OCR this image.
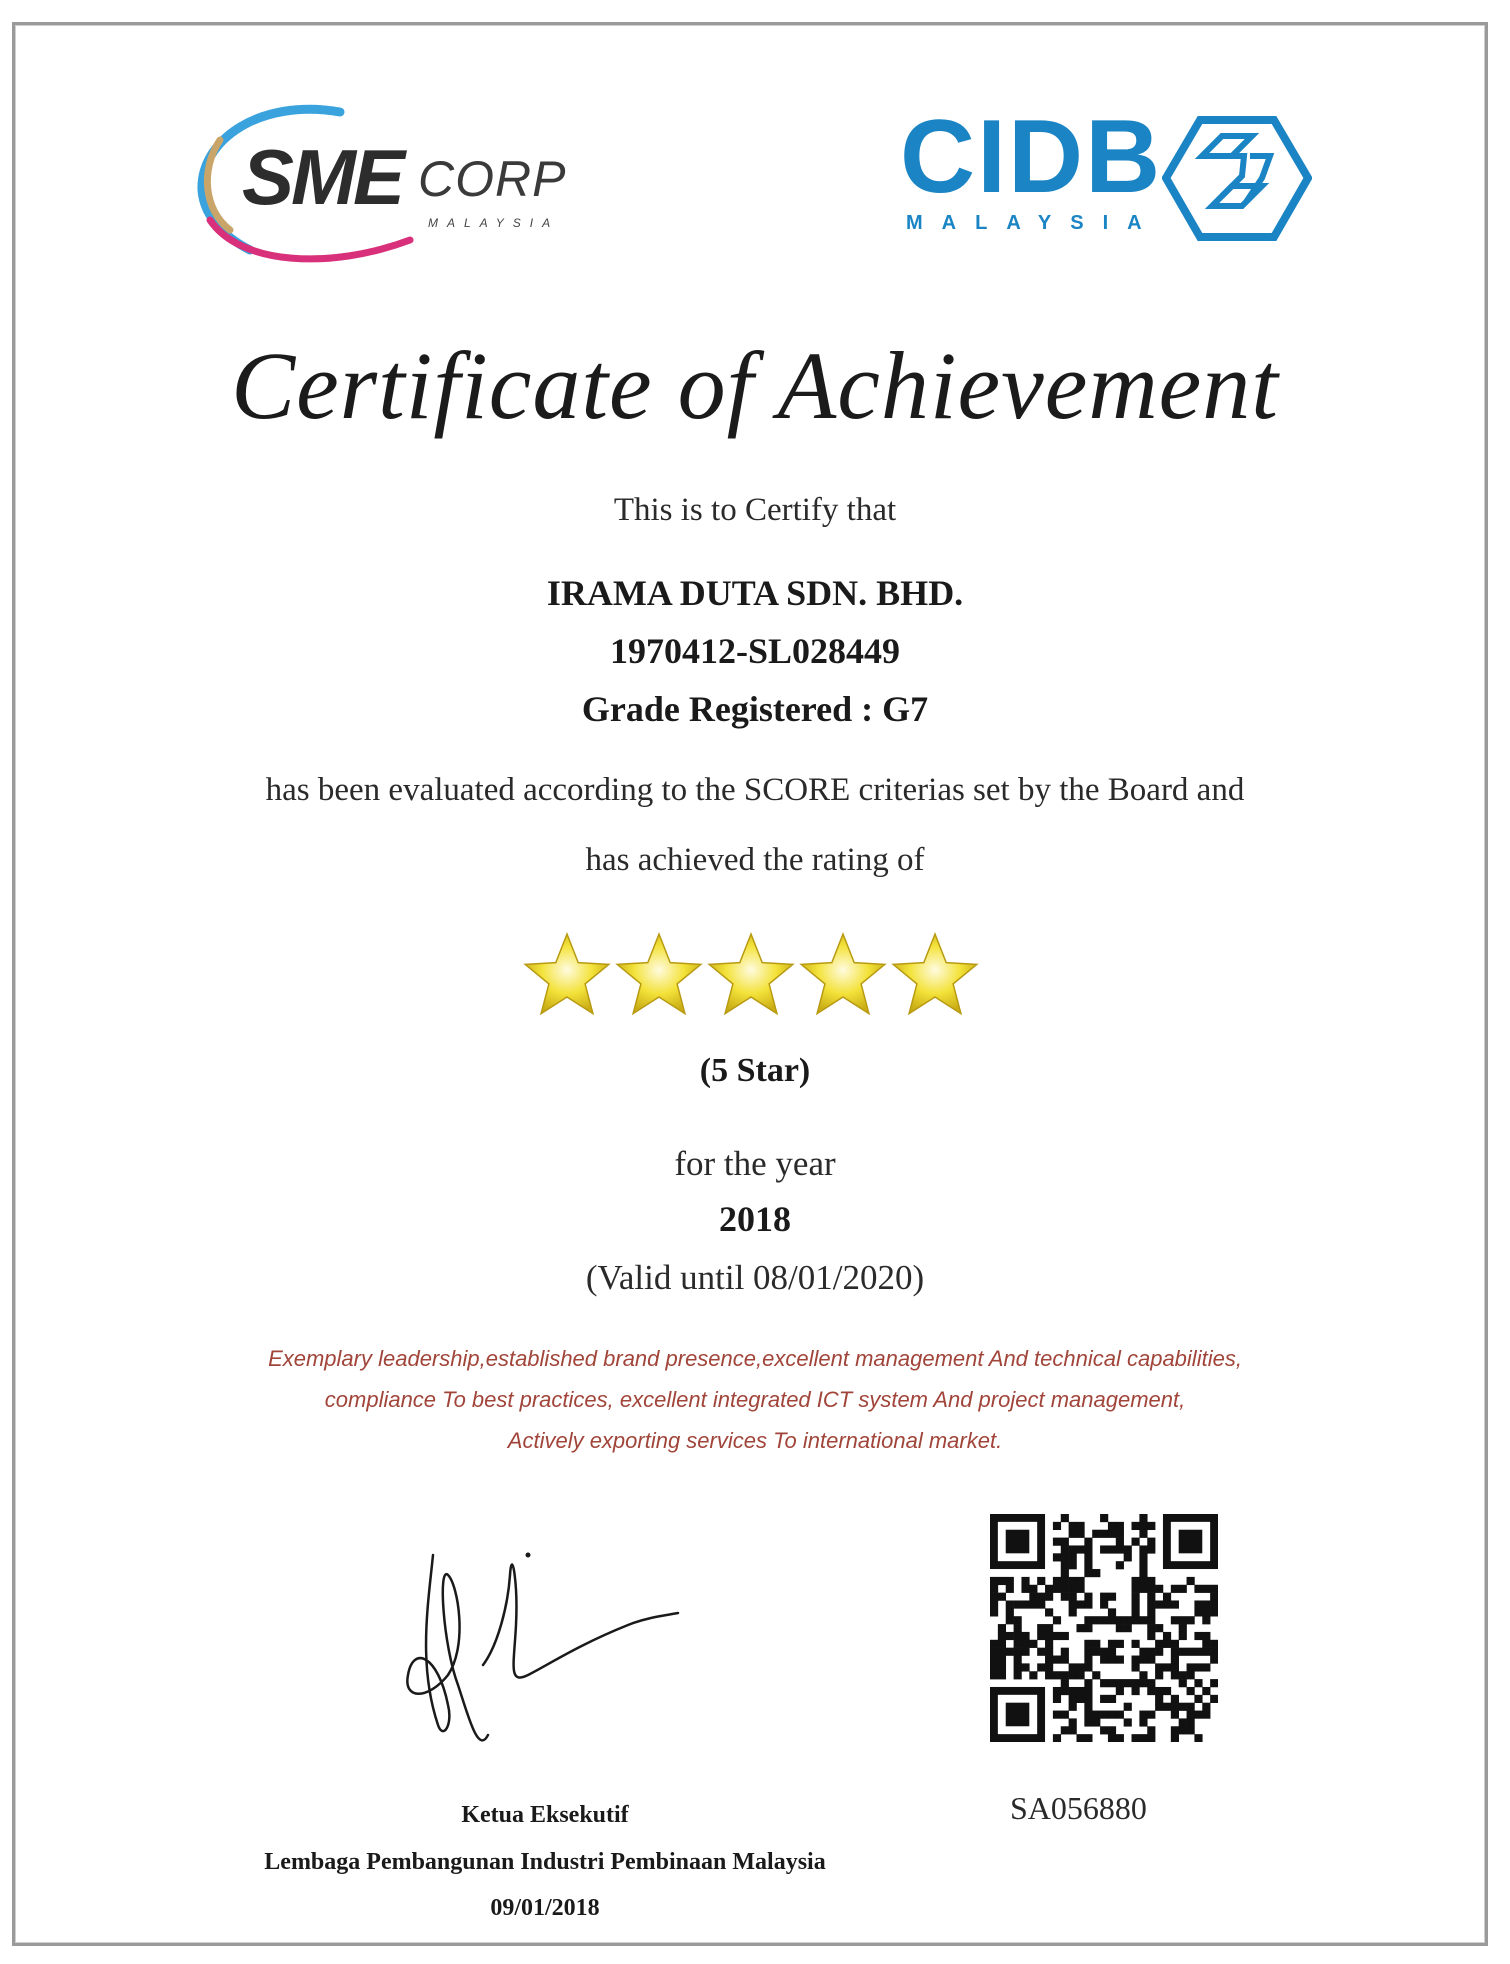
SME CORP
MALAYSIA
CIDB
MALAYSIA
Certificate of Achievement
This is to Certify that
IRAMA DUTA SDN. BHD.
1970412-SL028449
Grade Registered : G7
has been evaluated according to the SCORE criterias set by the Board and
has achieved the rating of
(5 Star)
for the year
2018
(Valid until 08/01/2020)
Exemplary leadership,established brand presence,excellent management And technical capabilities,
compliance To best practices, excellent integrated ICT system And project management,
Actively exporting services To international market.
Ketua Eksekutif
Lembaga Pembangunan Industri Pembinaan Malaysia
09/01/2018
SA056880
